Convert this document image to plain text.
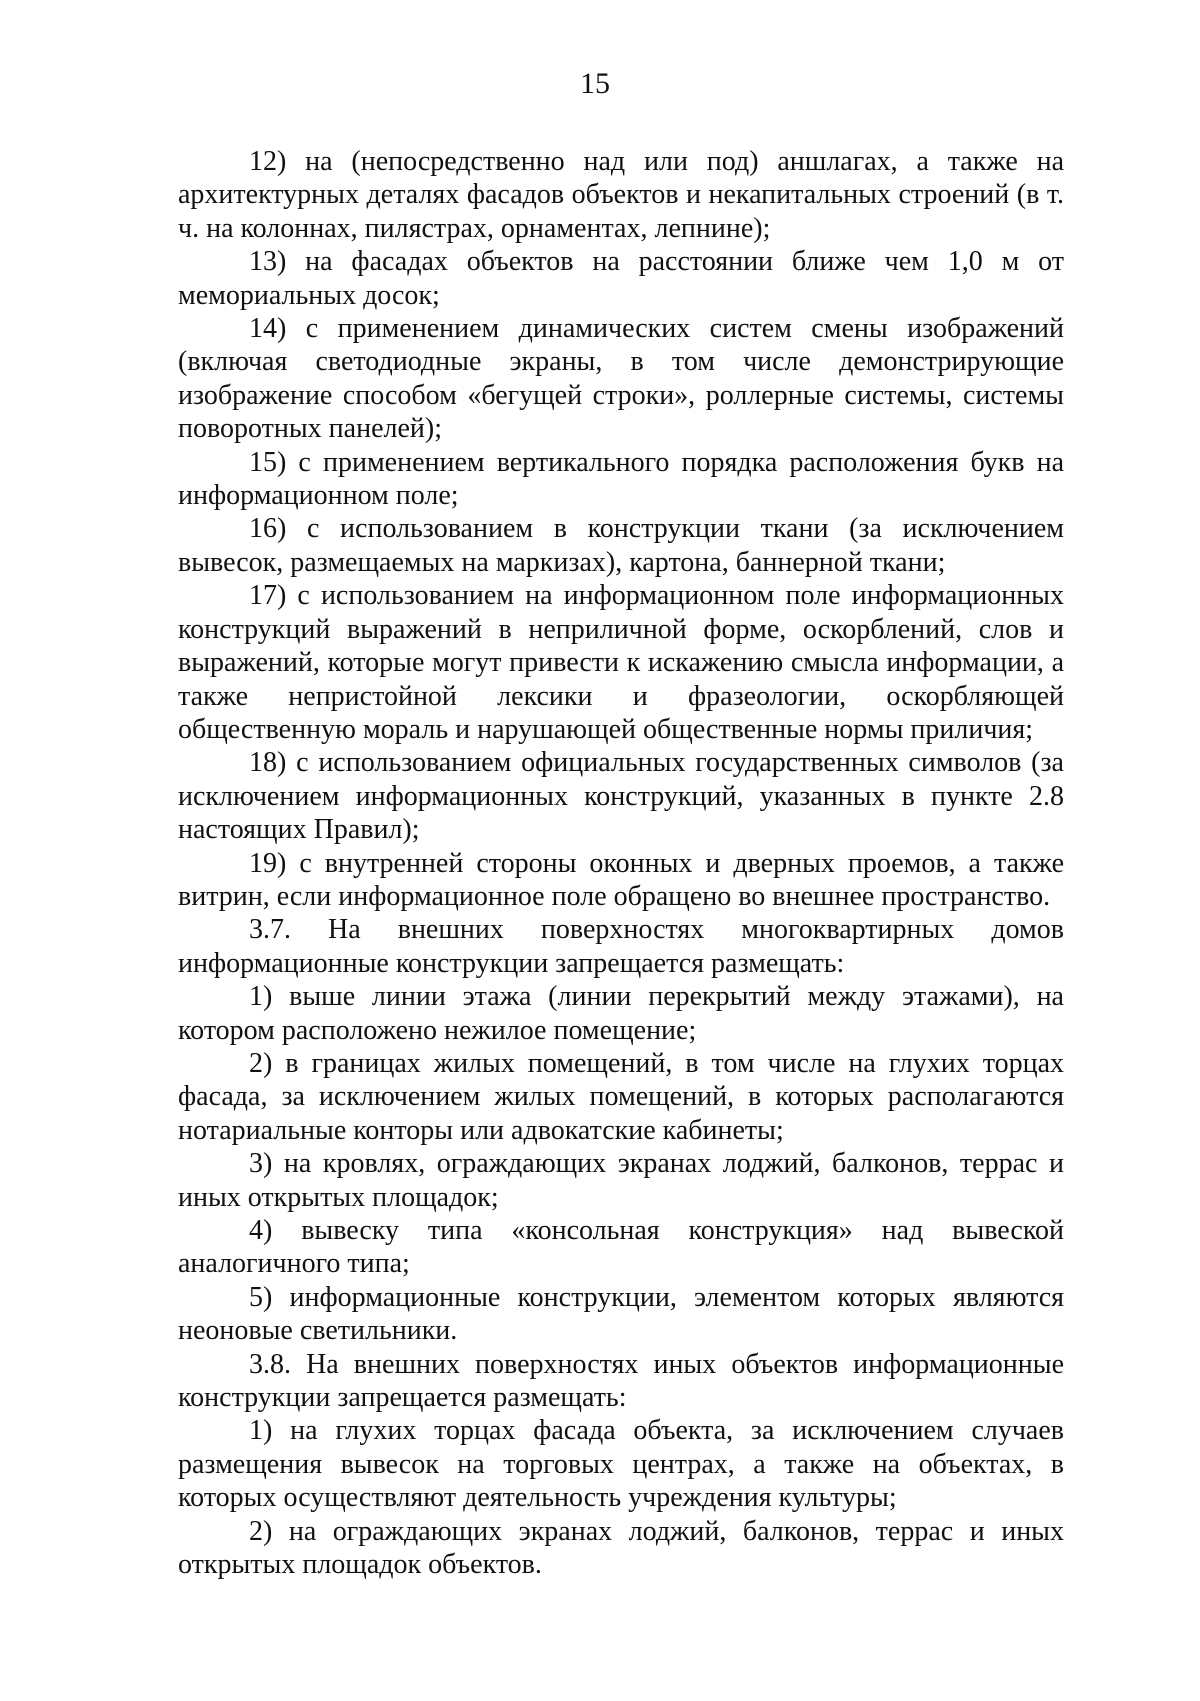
15

12) на (непосредственно над или под) аншлагах, а также на архитектурных деталях фасадов объектов и некапитальных строений (в т. ч. на колоннах, пилястрах, орнаментах, лепнине);

13) на фасадах объектов на расстоянии ближе чем 1,0 м от мемориальных досок;

14) с применением динамических систем смены изображений (включая светодиодные экраны, в том числе демонстрирующие изображение способом «бегущей строки», роллерные системы, системы поворотных панелей);

15) с применением вертикального порядка расположения букв на информационном поле;

16) с использованием в конструкции ткани (за исключением вывесок, размещаемых на маркизах), картона, баннерной ткани;

17) с использованием на информационном поле информационных конструкций выражений в неприличной форме, оскорблений, слов и выражений, которые могут привести к искажению смысла информации, а также непристойной лексики и фразеологии, оскорбляющей общественную мораль и нарушающей общественные нормы приличия;

18) с использованием официальных государственных символов (за исключением информационных конструкций, указанных в пункте 2.8 настоящих Правил);

19) с внутренней стороны оконных и дверных проемов, а также витрин, если информационное поле обращено во внешнее пространство.

3.7. На внешних поверхностях многоквартирных домов информационные конструкции запрещается размещать:

1) выше линии этажа (линии перекрытий между этажами), на котором расположено нежилое помещение;

2) в границах жилых помещений, в том числе на глухих торцах фасада, за исключением жилых помещений, в которых располагаются нотариальные конторы или адвокатские кабинеты;

3) на кровлях, ограждающих экранах лоджий, балконов, террас и иных открытых площадок;

4) вывеску типа «консольная конструкция» над вывеской аналогичного типа;

5) информационные конструкции, элементом которых являются неоновые светильники.

3.8. На внешних поверхностях иных объектов информационные конструкции запрещается размещать:

1) на глухих торцах фасада объекта, за исключением случаев размещения вывесок на торговых центрах, а также на объектах, в которых осуществляют деятельность учреждения культуры;

2) на ограждающих экранах лоджий, балконов, террас и иных открытых площадок объектов.
